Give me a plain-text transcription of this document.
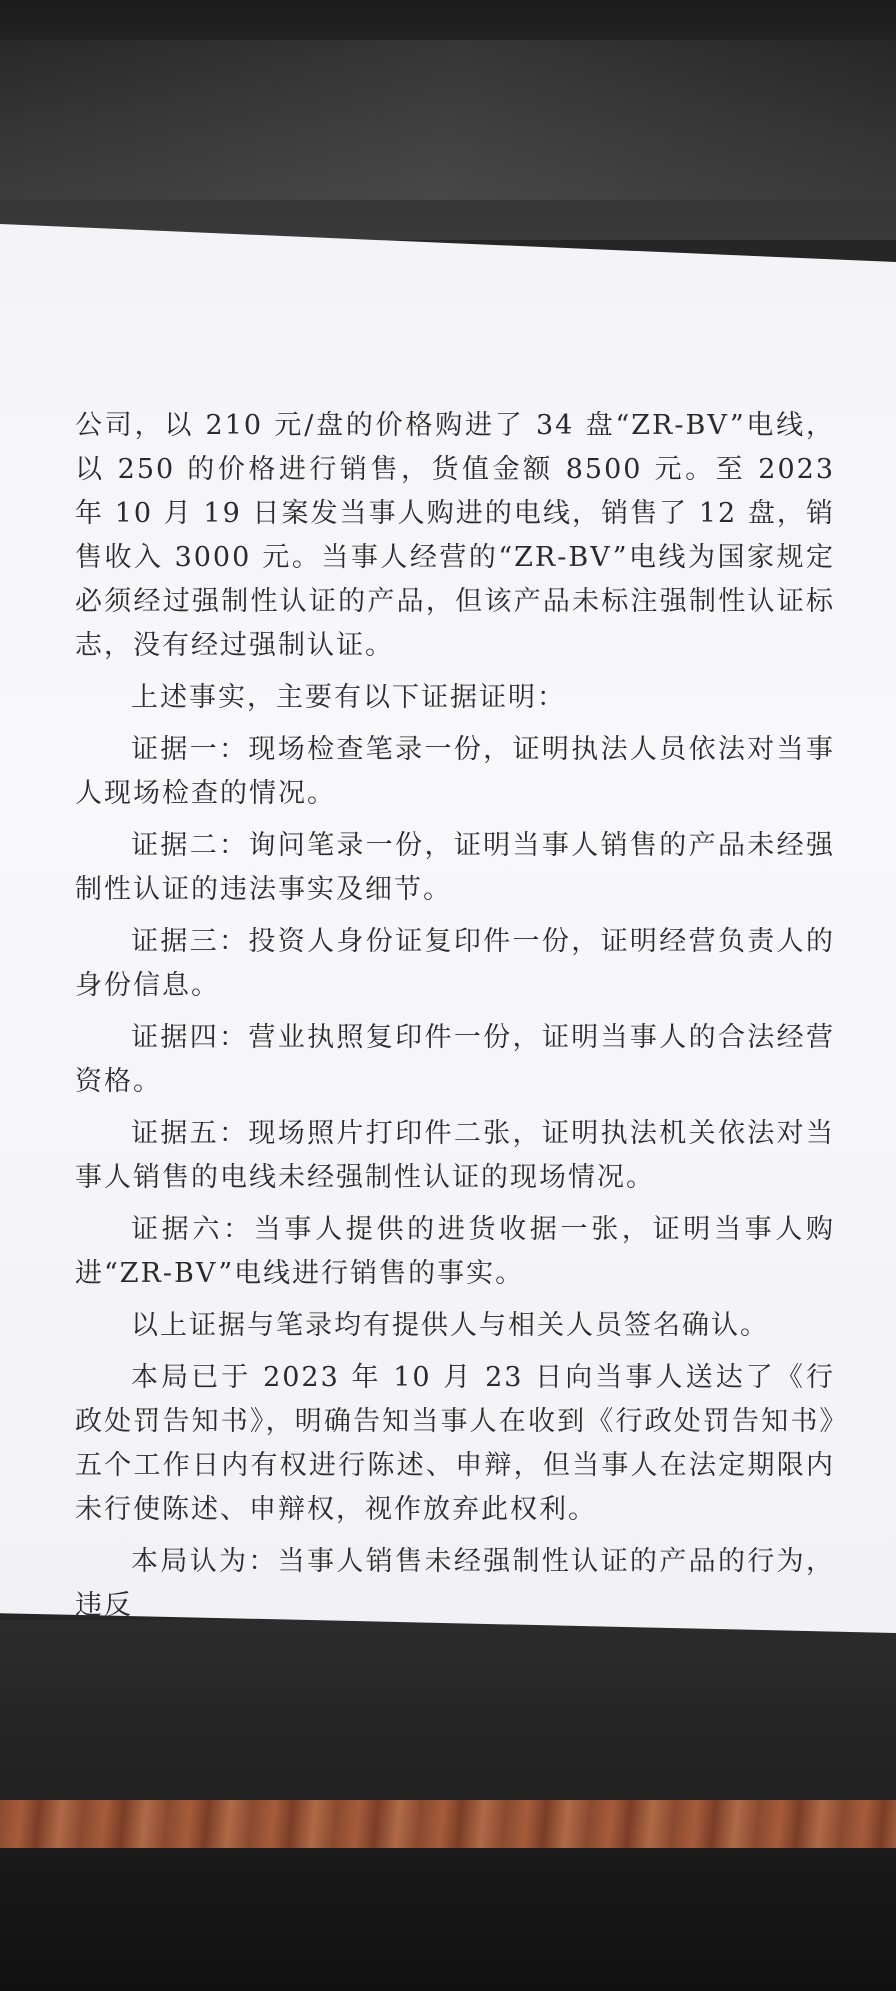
公司，以 210 元/盘的价格购进了 34 盘“ZR-BV”电线，以 250 的价格进行销售，货值金额 8500 元。至 2023 年 10 月 19 日案发当事人购进的电线，销售了 12 盘，销售收入 3000 元。当事人经营的“ZR-BV”电线为国家规定必须经过强制性认证的产品，但该产品未标注强制性认证标志，没有经过强制认证。

上述事实，主要有以下证据证明：

证据一：现场检查笔录一份，证明执法人员依法对当事人现场检查的情况。

证据二：询问笔录一份，证明当事人销售的产品未经强制性认证的违法事实及细节。

证据三：投资人身份证复印件一份，证明经营负责人的身份信息。

证据四：营业执照复印件一份，证明当事人的合法经营资格。

证据五：现场照片打印件二张，证明执法机关依法对当事人销售的电线未经强制性认证的现场情况。

证据六：当事人提供的进货收据一张，证明当事人购进“ZR-BV”电线进行销售的事实。

以上证据与笔录均有提供人与相关人员签名确认。

本局已于 2023 年 10 月 23 日向当事人送达了《行政处罚告知书》，明确告知当事人在收到《行政处罚告知书》五个工作日内有权进行陈述、申辩，但当事人在法定期限内未行使陈述、申辩权，视作放弃此权利。

本局认为：当事人销售未经强制性认证的产品的行为，违反
